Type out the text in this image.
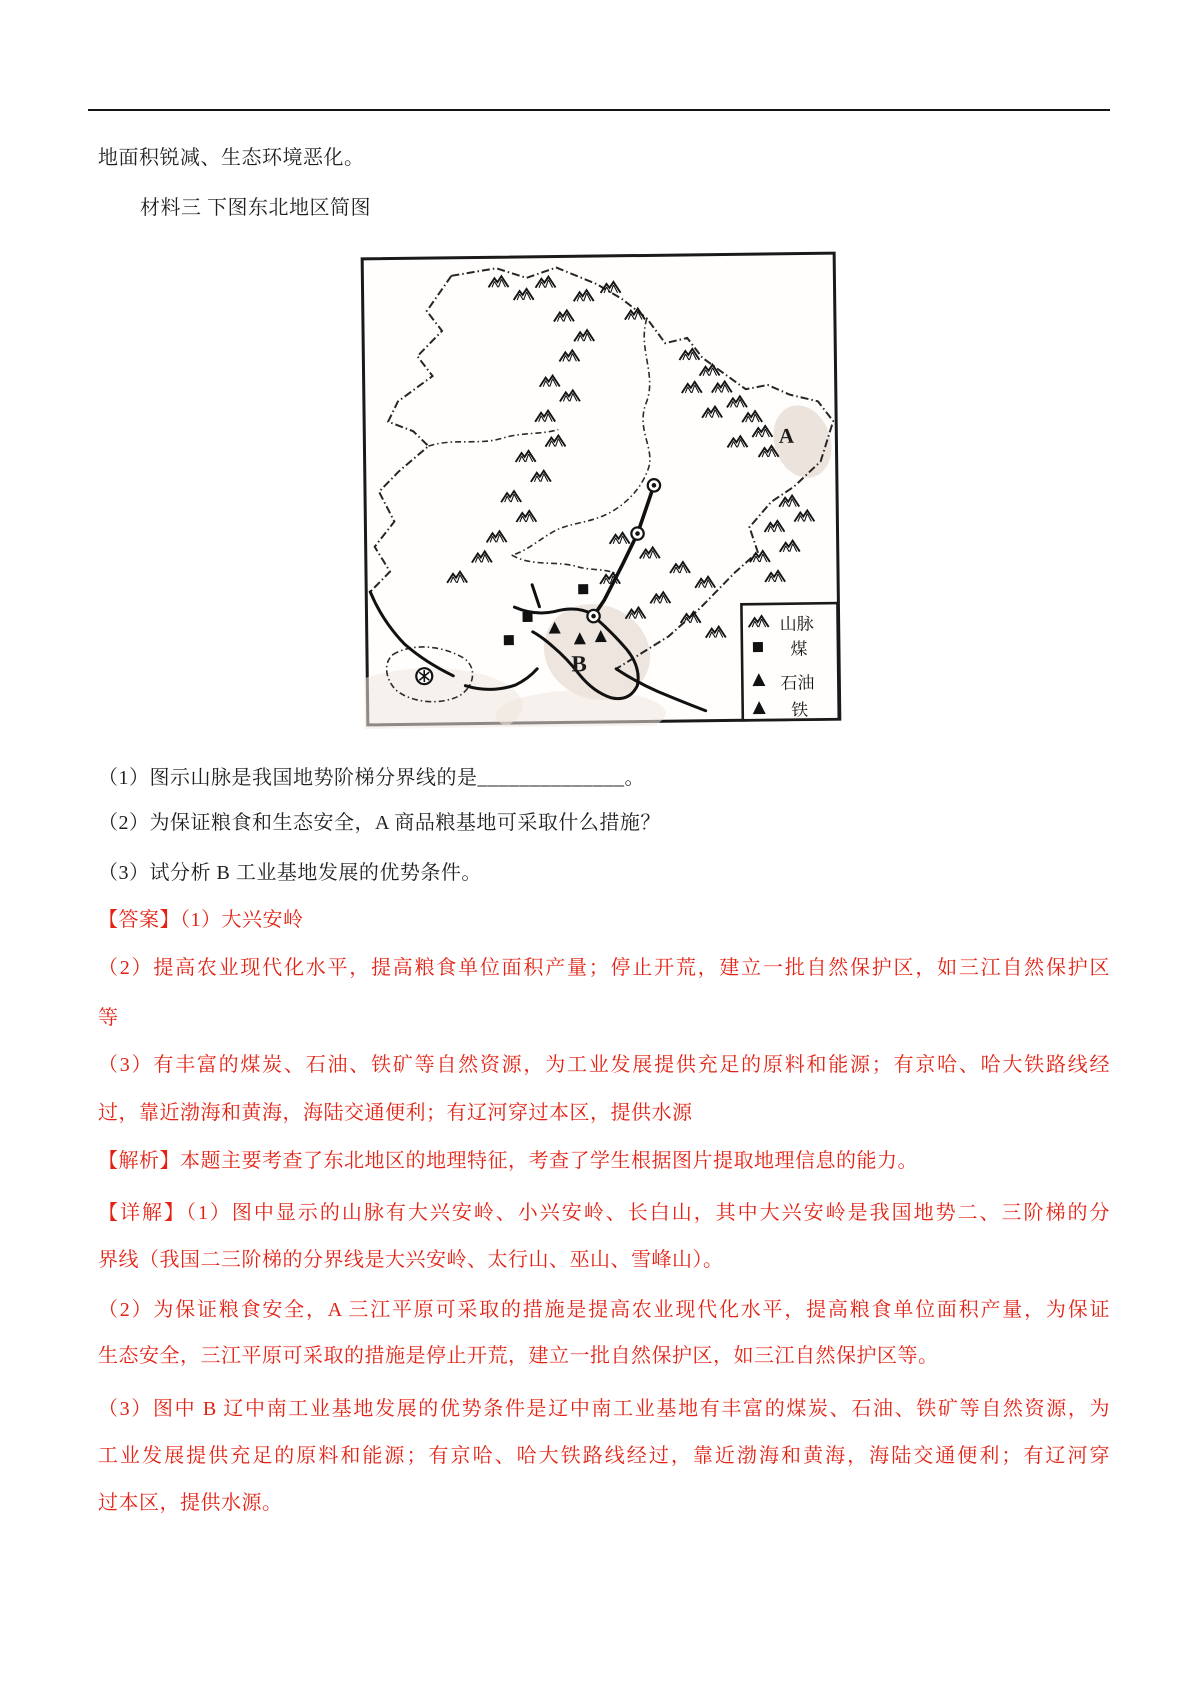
地面积锐减、生态环境恶化。
材料三 下图东北地区简图
A
B
山脉
煤
石油
铁
（1）图示山脉是我国地势阶梯分界线的是______________。
（2）为保证粮食和生态安全，A 商品粮基地可采取什么措施？
（3）试分析 B 工业基地发展的优势条件。
【答案】（1）大兴安岭
（2）提高农业现代化水平，提高粮食单位面积产量；停止开荒，建立一批自然保护区，如三江自然保护区
等
（3）有丰富的煤炭、石油、铁矿等自然资源，为工业发展提供充足的原料和能源；有京哈、哈大铁路线经
过，靠近渤海和黄海，海陆交通便利；有辽河穿过本区，提供水源
【解析】本题主要考查了东北地区的地理特征，考查了学生根据图片提取地理信息的能力。
【详解】（1）图中显示的山脉有大兴安岭、小兴安岭、长白山，其中大兴安岭是我国地势二、三阶梯的分
界线（我国二三阶梯的分界线是大兴安岭、太行山、巫山、雪峰山）。
（2）为保证粮食安全，A 三江平原可采取的措施是提高农业现代化水平，提高粮食单位面积产量，为保证
生态安全，三江平原可采取的措施是停止开荒，建立一批自然保护区，如三江自然保护区等。
（3）图中 B 辽中南工业基地发展的优势条件是辽中南工业基地有丰富的煤炭、石油、铁矿等自然资源，为
工业发展提供充足的原料和能源；有京哈、哈大铁路线经过，靠近渤海和黄海，海陆交通便利；有辽河穿
过本区，提供水源。
